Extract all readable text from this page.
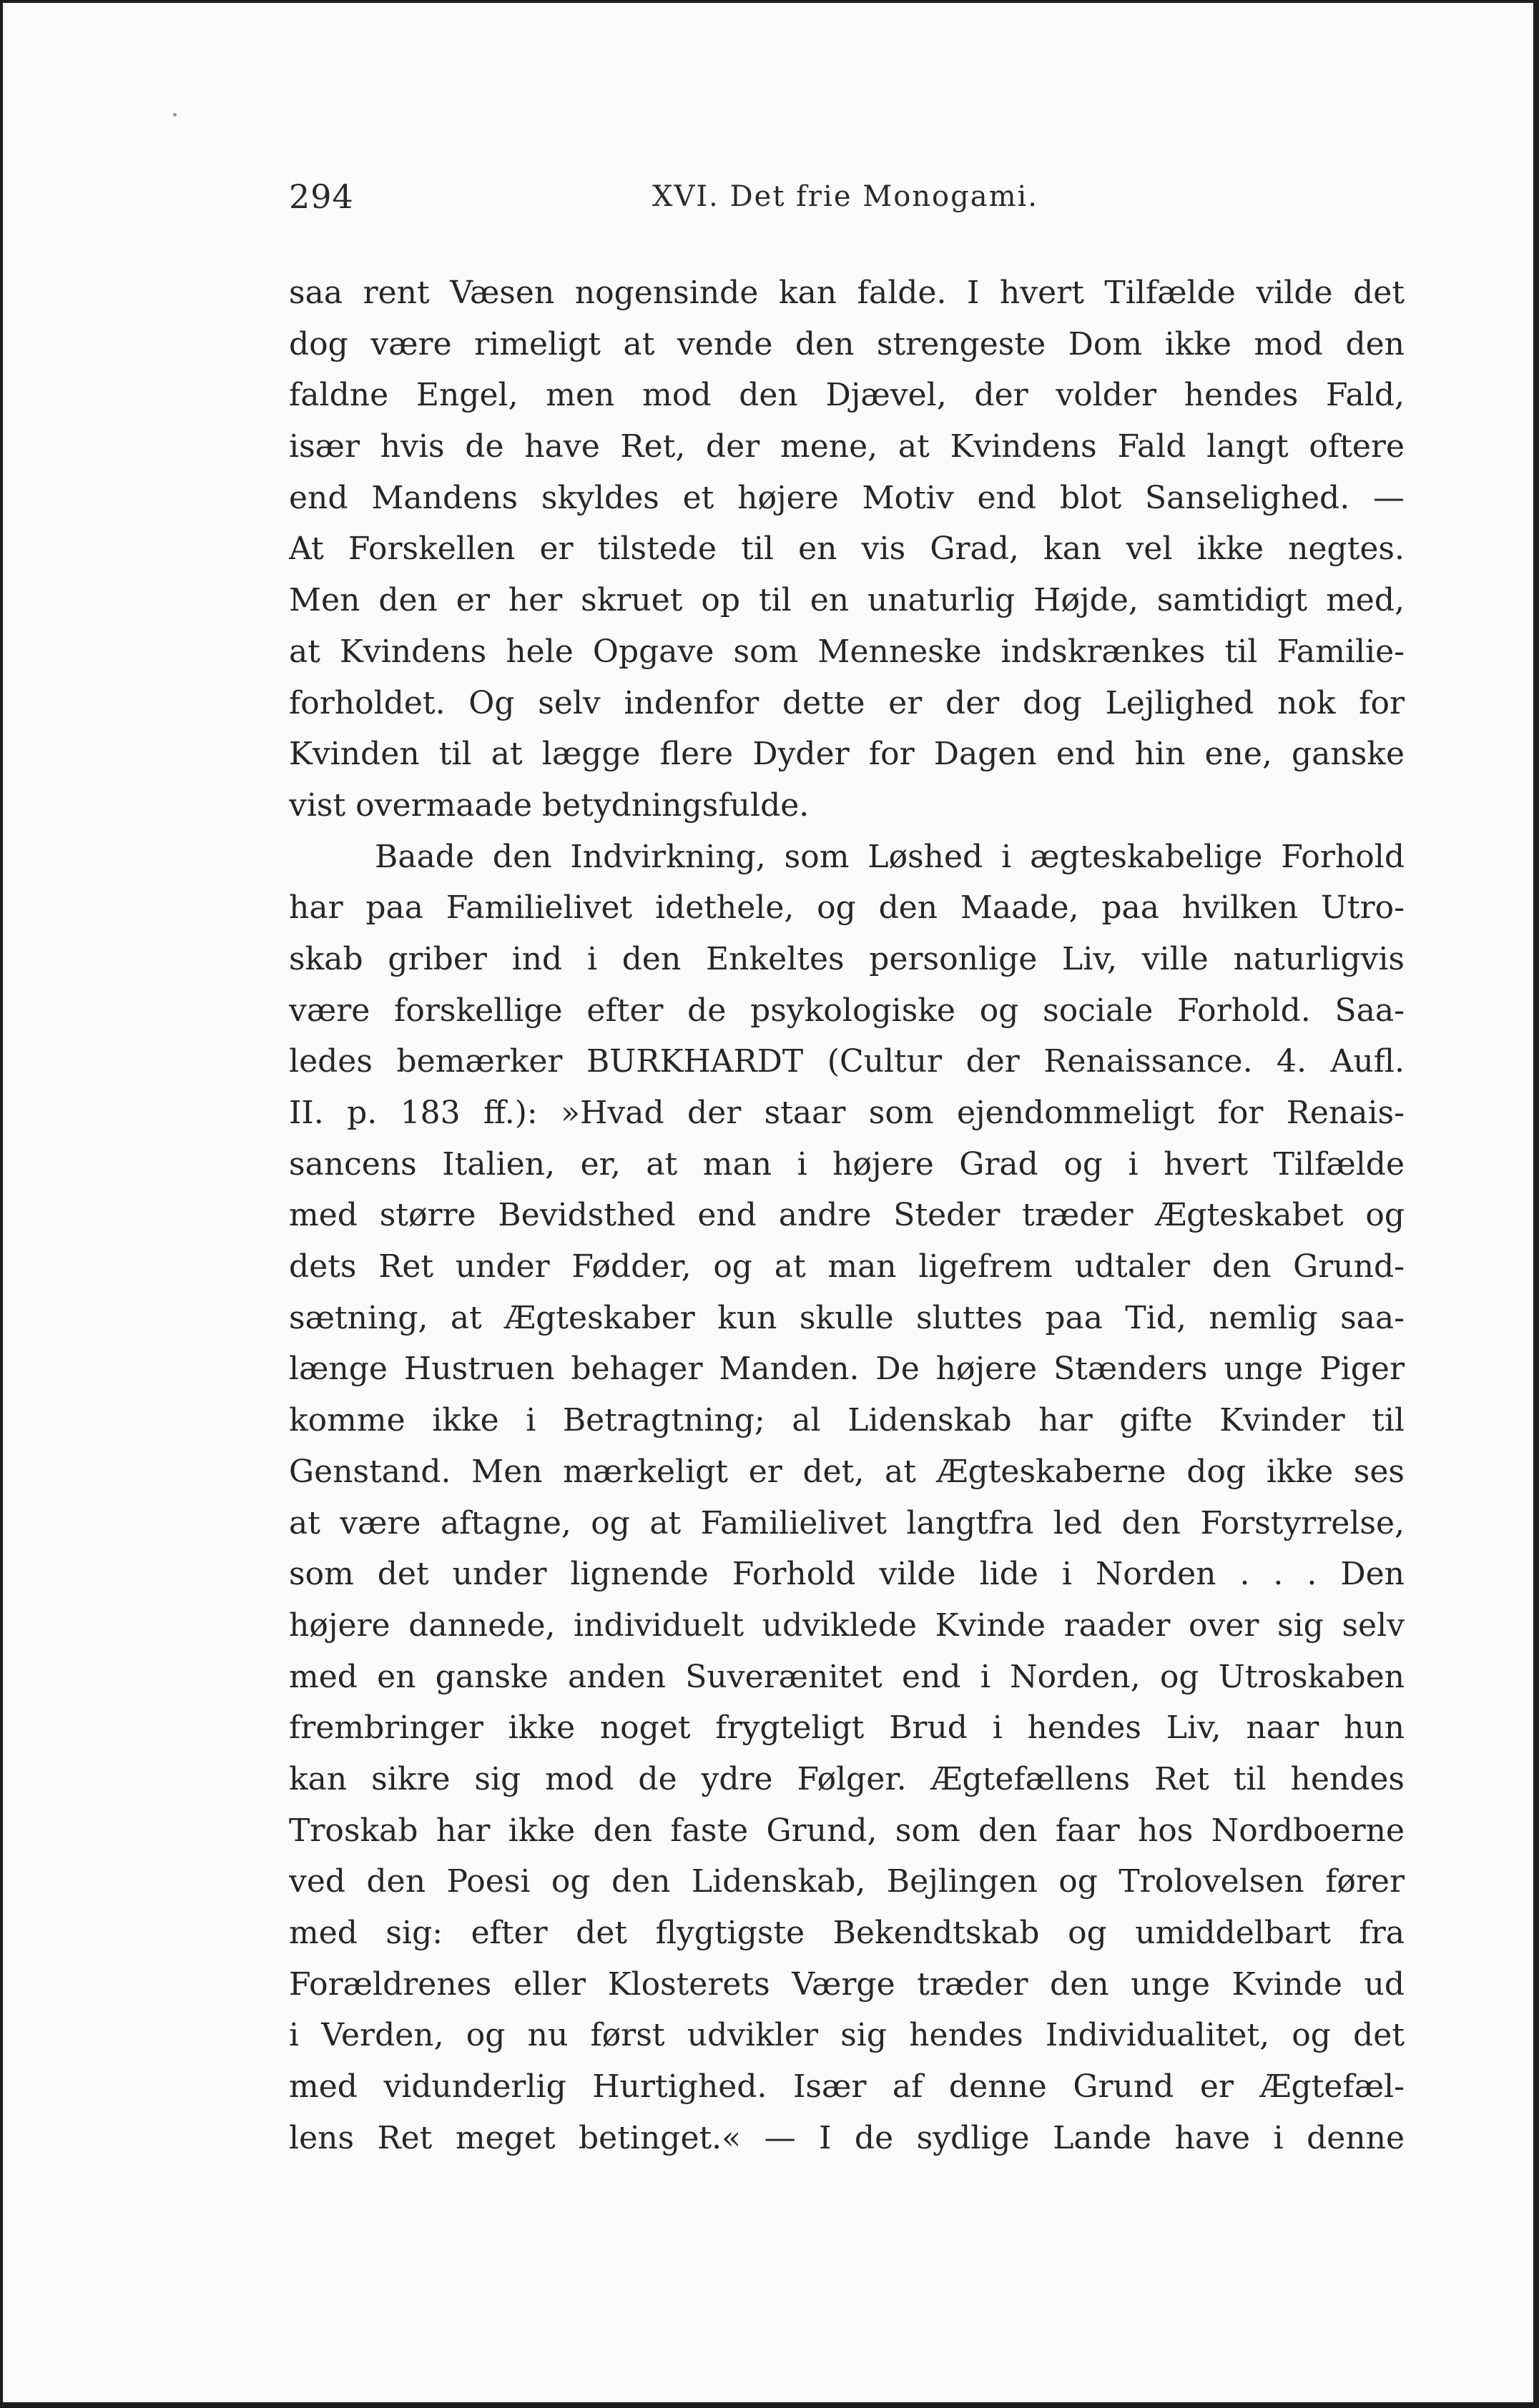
294	XVI. Det frie Monogami.
saa rent Væsen nogensinde kan falde. I hvert Tilfælde vilde det
dog være rimeligt at vende den strengeste Dom ikke mod den
faldne Engel, men mod den Djævel, der volder hendes Fald,
især hvis de have Ret, der mene, at Kvindens Fald langt oftere
end Mandens skyldes et højere Motiv end blot Sanselighed. —
At Forskellen er tilstede til en vis Grad, kan vel ikke negtes.
Men den er her skruet op til en unaturlig Højde, samtidigt med,
at Kvindens hele Opgave som Menneske indskrænkes til Familie-
forholdet. Og selv indenfor dette er der dog Lejlighed nok for
Kvinden til at lægge flere Dyder for Dagen end hin ene, ganske
vist overmaade betydningsfulde.
Baade den Indvirkning, som Løshed i ægteskabelige Forhold
har paa Familielivet idethele, og den Maade, paa hvilken Utro-
skab griber ind i den Enkeltes personlige Liv, ville naturligvis
være forskellige efter de psykologiske og sociale Forhold. Saa-
ledes bemærker BURKHARDT (Cultur der Renaissance. 4. Aufl.
II. p. 183 ff.): »Hvad der staar som ejendommeligt for Renais-
sancens Italien, er, at man i højere Grad og i hvert Tilfælde
med større Bevidsthed end andre Steder træder Ægteskabet og
dets Ret under Fødder, og at man ligefrem udtaler den Grund-
sætning, at Ægteskaber kun skulle sluttes paa Tid, nemlig saa-
længe Hustruen behager Manden. De højere Stænders unge Piger
komme ikke i Betragtning; al Lidenskab har gifte Kvinder til
Genstand. Men mærkeligt er det, at Ægteskaberne dog ikke ses
at være aftagne, og at Familielivet langtfra led den Forstyrrelse,
som det under lignende Forhold vilde lide i Norden . . . Den
højere dannede, individuelt udviklede Kvinde raader over sig selv
med en ganske anden Suverænitet end i Norden, og Utroskaben
frembringer ikke noget frygteligt Brud i hendes Liv, naar hun
kan sikre sig mod de ydre Følger. Ægtefællens Ret til hendes
Troskab har ikke den faste Grund, som den faar hos Nordboerne
ved den Poesi og den Lidenskab, Bejlingen og Trolovelsen fører
med sig: efter det flygtigste Bekendtskab og umiddelbart fra
Forældrenes eller Klosterets Værge træder den unge Kvinde ud
i Verden, og nu først udvikler sig hendes Individualitet, og det
med vidunderlig Hurtighed. Især af denne Grund er Ægtefæl-
lens Ret meget betinget.« — I de sydlige Lande have i denne
